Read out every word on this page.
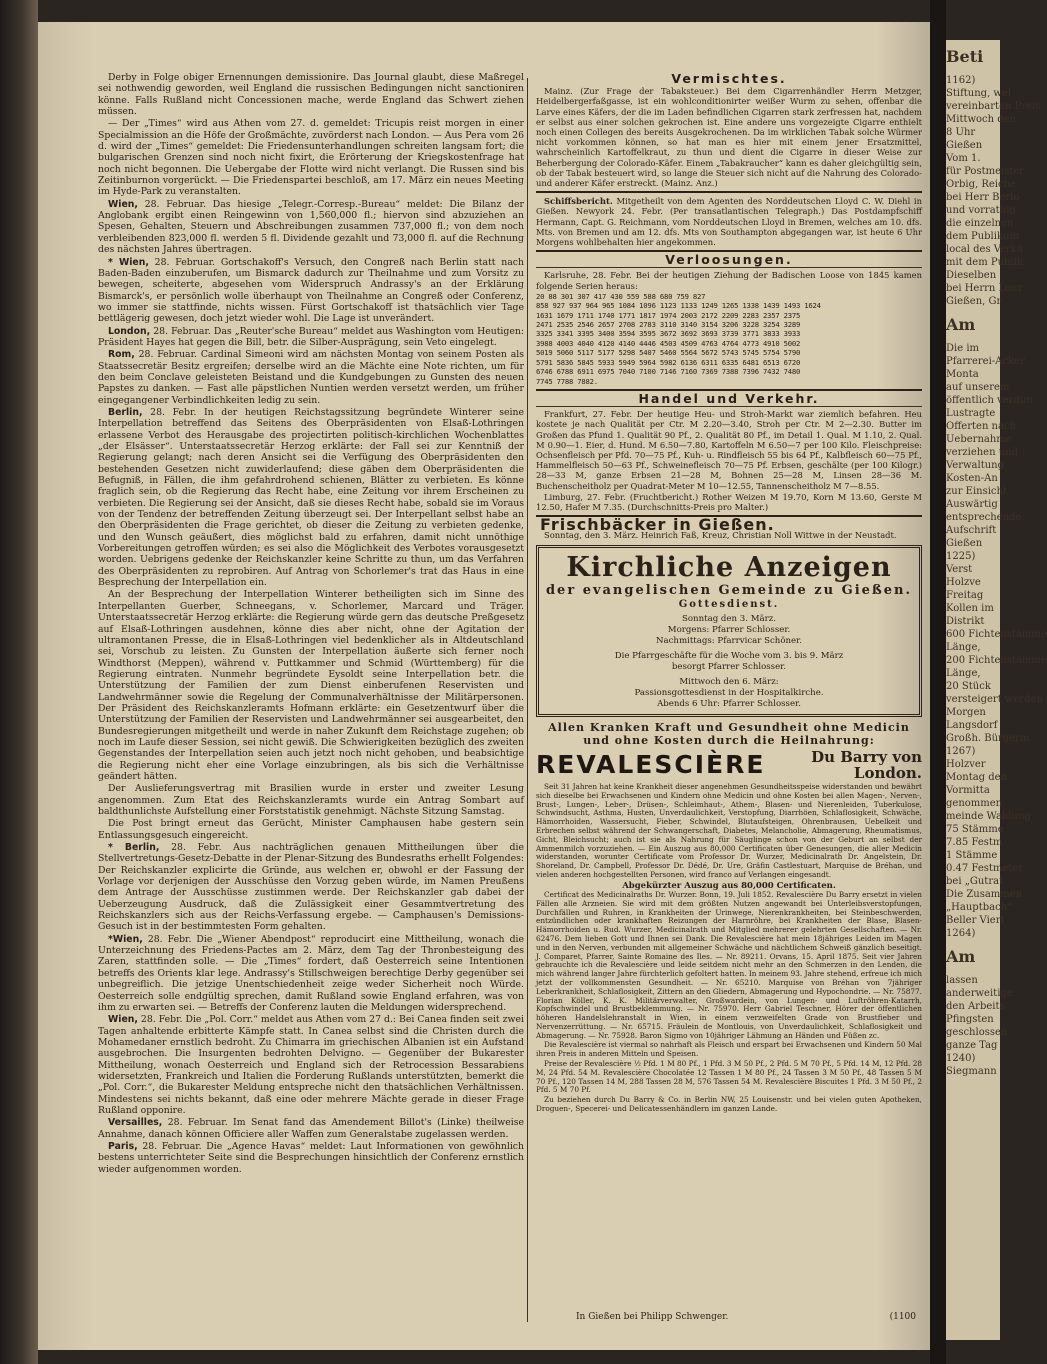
Derby in Folge obiger Ernennungen demissionire. Das Journal glaubt, diese Maßregel sei nothwendig geworden, weil England die russischen Bedingungen nicht sanctioniren könne. Falls Rußland nicht Concessionen mache, werde England das Schwert ziehen müssen.

— Der „Times“ wird aus Athen vom 27. d. gemeldet: Tricupis reist morgen in einer Specialmission an die Höfe der Großmächte, zuvörderst nach London. — Aus Pera vom 26 d. wird der „Times“ gemeldet: Die Friedensunterhandlungen schreiten langsam fort; die bulgarischen Grenzen sind noch nicht fixirt, die Erörterung der Kriegskostenfrage hat noch nicht begonnen. Die Uebergabe der Flotte wird nicht verlangt. Die Russen sind bis Zeitinburnon vorgerückt. — Die Friedenspartei beschloß, am 17. März ein neues Meeting im Hyde-Park zu veranstalten.

Wien, 28. Februar. Das hiesige „Telegr.-Corresp.-Bureau“ meldet: Die Bilanz der Anglobank ergibt einen Reingewinn von 1,560,000 fl.; hiervon sind abzuziehen an Spesen, Gehalten, Steuern und Abschreibungen zusammen 737,000 fl.; von dem noch verbleibenden 823,000 fl. werden 5 fl. Dividende gezahlt und 73,000 fl. auf die Rechnung des nächsten Jahres übertragen.

* Wien, 28. Februar. Gortschakoff's Versuch, den Congreß nach Berlin statt nach Baden-Baden einzuberufen, um Bismarck dadurch zur Theilnahme und zum Vorsitz zu bewegen, scheiterte, abgesehen vom Widerspruch Andrassy's an der Erklärung Bismarck's, er persönlich wolle überhaupt von Theilnahme an Congreß oder Conferenz, wo immer sie stattfinde, nichts wissen. Fürst Gortschakoff ist thatsächlich vier Tage bettlägerig gewesen, doch jetzt wieder wohl. Die Lage ist unverändert.

London, 28. Februar. Das „Reuter'sche Bureau“ meldet aus Washington vom Heutigen: Präsident Hayes hat gegen die Bill, betr. die Silber-Ausprägung, sein Veto eingelegt.

Rom, 28. Februar. Cardinal Simeoni wird am nächsten Montag von seinem Posten als Staatssecretär Besitz ergreifen; derselbe wird an die Mächte eine Note richten, um für den beim Conclave geleisteten Beistand und die Kundgebungen zu Gunsten des neuen Papstes zu danken. — Fast alle päpstlichen Nuntien werden versetzt werden, um früher eingegangener Verbindlichkeiten ledig zu sein.

Berlin, 28. Febr. In der heutigen Reichstagssitzung begründete Winterer seine Interpellation betreffend das Seitens des Oberpräsidenten von Elsaß-Lothringen erlassene Verbot des Herausgabe des projectirten politisch-kirchlichen Wochenblattes „der Elsässer“. Unterstaatssecretär Herzog erklärte: der Fall sei zur Kenntniß der Regierung gelangt; nach deren Ansicht sei die Verfügung des Oberpräsidenten den bestehenden Gesetzen nicht zuwiderlaufend; diese gäben dem Oberpräsidenten die Befugniß, in Fällen, die ihm gefahrdrohend schienen, Blätter zu verbieten. Es könne fraglich sein, ob die Regierung das Recht habe, eine Zeitung vor ihrem Erscheinen zu verbieten. Die Regierung sei der Ansicht, daß sie dieses Recht habe, sobald sie im Voraus von der Tendenz der betreffenden Zeitung überzeugt sei. Der Interpellant selbst habe an den Oberpräsidenten die Frage gerichtet, ob dieser die Zeitung zu verbieten gedenke, und den Wunsch geäußert, dies möglichst bald zu erfahren, damit nicht unnöthige Vorbereitungen getroffen würden; es sei also die Möglichkeit des Verbotes vorausgesetzt worden. Uebrigens gedenke der Reichskanzler keine Schritte zu thun, um das Verfahren des Oberpräsidenten zu reprobiren. Auf Antrag von Schorlemer's trat das Haus in eine Besprechung der Interpellation ein.

An der Besprechung der Interpellation Winterer betheiligten sich im Sinne des Interpellanten Guerber, Schneegans, v. Schorlemer, Marcard und Träger. Unterstaatssecretär Herzog erklärte: die Regierung würde gern das deutsche Preßgesetz auf Elsaß-Lothringen ausdehnen, könne dies aber nicht, ohne der Agitation der ultramontanen Presse, die in Elsaß-Lothringen viel bedenklicher als in Altdeutschland sei, Vorschub zu leisten. Zu Gunsten der Interpellation äußerte sich ferner noch Windthorst (Meppen), während v. Puttkammer und Schmid (Württemberg) für die Regierung eintraten. Nunmehr begründete Eysoldt seine Interpellation betr. die Unterstützung der Familien der zum Dienst einberufenen Reservisten und Landwehrmänner sowie die Regelung der Communalverhältnisse der Militärpersonen. Der Präsident des Reichskanzleramts Hofmann erklärte: ein Gesetzentwurf über die Unterstützung der Familien der Reservisten und Landwehrmänner sei ausgearbeitet, den Bundesregierungen mitgetheilt und werde in naher Zukunft dem Reichstage zugehen; ob noch im Laufe dieser Session, sei nicht gewiß. Die Schwierigkeiten bezüglich des zweiten Gegenstandes der Interpellation seien auch jetzt noch nicht gehoben, und beabsichtige die Regierung nicht eher eine Vorlage einzubringen, als bis sich die Verhältnisse geändert hätten.

Der Auslieferungsvertrag mit Brasilien wurde in erster und zweiter Lesung angenommen. Zum Etat des Reichskanzleramts wurde ein Antrag Sombart auf baldthunlichste Aufstellung einer Forststatistik genehmigt. Nächste Sitzung Samstag.

Die Post bringt erneut das Gerücht, Minister Camphausen habe gestern sein Entlassungsgesuch eingereicht.

* Berlin, 28. Febr. Aus nachträglichen genauen Mittheilungen über die Stellvertretungs-Gesetz-Debatte in der Plenar-Sitzung des Bundesraths erhellt Folgendes: Der Reichskanzler explicirte die Gründe, aus welchen er, obwohl er der Fassung der Vorlage vor derjenigen der Ausschüsse den Vorzug geben würde, im Namen Preußens dem Antrage der Ausschüsse zustimmen werde. Der Reichskanzler gab dabei der Ueberzeugung Ausdruck, daß die Zulässigkeit einer Gesammtvertretung des Reichskanzlers sich aus der Reichs-Verfassung ergebe. — Camphausen's Demissions-Gesuch ist in der bestimmtesten Form gehalten.

*Wien, 28. Febr. Die „Wiener Abendpost“ reproducirt eine Mittheilung, wonach die Unterzeichnung des Friedens-Pactes am 2. März, dem Tag der Thronbesteigung des Zaren, stattfinden solle. — Die „Times“ fordert, daß Oesterreich seine Intentionen betreffs des Orients klar lege. Andrassy's Stillschweigen berechtige Derby gegenüber sei unbegreiflich. Die jetzige Unentschiedenheit zeige weder Sicherheit noch Würde. Oesterreich solle endgültig sprechen, damit Rußland sowie England erfahren, was von ihm zu erwarten sei. — Betreffs der Conferenz lauten die Meldungen widersprechend.

Wien, 28. Febr. Die „Pol. Corr.“ meldet aus Athen vom 27 d.: Bei Canea finden seit zwei Tagen anhaltende erbitterte Kämpfe statt. In Canea selbst sind die Christen durch die Mohamedaner ernstlich bedroht. Zu Chimarra im griechischen Albanien ist ein Aufstand ausgebrochen. Die Insurgenten bedrohten Delvigno. — Gegenüber der Bukarester Mittheilung, wonach Oesterreich und England sich der Retrocession Bessarabiens widersetzten, Frankreich und Italien die Forderung Rußlands unterstützten, bemerkt die „Pol. Corr.“, die Bukarester Meldung entspreche nicht den thatsächlichen Verhältnissen. Mindestens sei nichts bekannt, daß eine oder mehrere Mächte gerade in dieser Frage Rußland opponire.

Versailles, 28. Februar. Im Senat fand das Amendement Billot's (Linke) theilweise Annahme, danach können Officiere aller Waffen zum Generalstabe zugelassen werden.

Paris, 28. Februar. Die „Agence Havas“ meldet: Laut Informationen von gewöhnlich bestens unterrichteter Seite sind die Besprechungen hinsichtlich der Conferenz ernstlich wieder aufgenommen worden.

Vermischtes.

Mainz. (Zur Frage der Tabaksteuer.) Bei dem Cigarrenhändler Herrn Metzger, Heidelbergerfaßgasse, ist ein wohlconditionirter weißer Wurm zu sehen, offenbar die Larve eines Käfers, der die im Laden befindlichen Cigarren stark zerfressen hat, nachdem er selbst aus einer solchen gekrochen ist. Eine andere uns vorgezeigte Cigarre enthielt noch einen Collegen des bereits Ausgekrochenen. Da im wirklichen Tabak solche Würmer nicht vorkommen können, so hat man es hier mit einem jener Ersatzmittel, wahrscheinlich Kartoffelkraut, zu thun und dient die Cigarre in dieser Weise zur Beherbergung der Colorado-Käfer. Einem „Tabakraucher“ kann es daher gleichgültig sein, ob der Tabak besteuert wird, so lange die Steuer sich nicht auf die Nahrung des Colorado- und anderer Käfer erstreckt. (Mainz. Anz.)

Schiffsbericht. Mitgetheilt von dem Agenten des Norddeutschen Lloyd C. W. Diehl in Gießen. Newyork 24. Febr. (Per transatlantischen Telegraph.) Das Postdampfschiff Hermann, Capt. G. Reichmann, vom Norddeutschen Lloyd in Bremen, welches am 10. dfs. Mts. von Bremen und am 12. dfs. Mts von Southampton abgegangen war, ist heute 6 Uhr Morgens wohlbehalten hier angekommen.

Verloosungen.

Karlsruhe, 28. Febr. Bei der heutigen Ziehung der Badischen Loose von 1845 kamen folgende Serien heraus:

20 88 301 307 417 430 559 588 680 759 827
858 927 937 964 965 1084 1096 1123 1133 1249 1265 1338 1439 1493 1624
1631 1679 1711 1740 1771 1817 1974 2003 2172 2209 2283 2357 2375
2471 2535 2546 2657 2708 2783 3110 3140 3154 3206 3228 3254 3289
3325 3341 3395 3400 3594 3595 3672 3692 3693 3739 3771 3833 3933
3988 4003 4040 4120 4140 4446 4503 4509 4763 4764 4773 4910 5002
5019 5060 5117 5177 5298 5407 5460 5564 5672 5743 5745 5754 5790
5791 5836 5845 5933 5949 5964 5982 6136 6311 6335 6481 6513 6720
6746 6788 6911 6975 7040 7100 7146 7160 7369 7388 7396 7432 7480
7745 7788 7882.
Handel und Verkehr.

Frankfurt, 27. Febr. Der heutige Heu- und Stroh-Markt war ziemlich befahren. Heu kostete je nach Qualität per Ctr. M 2.20—3.40, Stroh per Ctr. M 2—2.30. Butter im Großen das Pfund 1. Qualität 90 Pf., 2. Qualität 80 Pf., im Detail 1. Qual. M 1.10, 2. Qual. M 0.90—1. Eier, d. Hund. M 6.50—7.80, Kartoffeln M 6.50—7 per 100 Kilo. Fleischpreise: Ochsenfleisch per Pfd. 70—75 Pf., Kuh- u. Rindfleisch 55 bis 64 Pf., Kalbfleisch 60—75 Pf., Hammelfleisch 50—63 Pf., Schweinefleisch 70—75 Pf. Erbsen, geschälte (per 100 Kilogr.) 28—33 M, ganze Erbsen 21—28 M, Bohnen 25—28 M, Linsen 28—36 M. Buchenscheitholz per Quadrat-Meter M 10—12.55, Tannenscheitholz M 7—8.55.

Limburg, 27. Febr. (Fruchtbericht.) Rother Weizen M 19.70, Korn M 13.60, Gerste M 12.50, Hafer M 7.35. (Durchschnitts-Preis pro Malter.)

Frischbäcker in Gießen.

Sonntag, den 3. März. Heinrich Faß, Kreuz, Christian Noll Wittwe in der Neustadt.

Kirchliche Anzeigen
der evangelischen Gemeinde zu Gießen.
Gottesdienst.
Sonntag den 3. März.
Morgens: Pfarrer Schlosser.
Nachmittags: Pfarrvicar Schöner.
Die Pfarrgeschäfte für die Woche vom 3. bis 9. März
besorgt Pfarrer Schlosser.
Mittwoch den 6. März:
Passionsgottesdienst in der Hospitalkirche.
Abends 6 Uhr: Pfarrer Schlosser.
Allen Kranken Kraft und Gesundheit ohne Medicin und ohne Kosten durch die Heilnahrung:
REVALESCIÈRE	Du Barry von London.

Seit 31 Jahren hat keine Krankheit dieser angenehmen Gesundheitsspeise widerstanden und bewährt sich dieselbe bei Erwachsenen und Kindern ohne Medicin und ohne Kosten bei allen Magen-, Nerven-, Brust-, Lungen-, Leber-, Drüsen-, Schleimhaut-, Athem-, Blasen- und Nierenleiden, Tuberkulose, Schwindsucht, Asthma, Husten, Unverdaulichkeit, Verstopfung, Diarrhöen, Schlaflosigkeit, Schwäche, Hämorrhoiden, Wassersucht, Fieber, Schwindel, Blutaufsteigen, Ohrenbrausen, Uebelkeit und Erbrechen selbst während der Schwangerschaft, Diabetes, Melancholie, Abmagerung, Rheumatismus, Gicht, Bleichsucht; auch ist sie als Nahrung für Säuglinge schon von der Geburt an selbst der Ammenmilch vorzuziehen. — Ein Auszug aus 80,000 Certificaten über Genesungen, die aller Medicin widerstanden, worunter Certificate vom Professor Dr. Wurzer, Medicinalrath Dr. Angelstein, Dr. Shoreland, Dr. Campbell, Professor Dr. Dédé, Dr. Ure, Gräfin Castlestuart, Marquise de Bréhan, und vielen anderen hochgestellten Personen, wird franco auf Verlangen eingesandt.

Abgekürzter Auszug aus 80,000 Certificaten.

Certificat des Medicinalraths Dr. Wurzer. Bonn, 19. Juli 1852. Revalescière Du Barry ersetzt in vielen Fällen alle Arzneien. Sie wird mit dem größten Nutzen angewandt bei Unterleibsverstopfungen, Durchfällen und Ruhren, in Krankheiten der Urinwege, Nierenkrankheiten, bei Steinbeschwerden, entzündlichen oder krankhaften Reizungen der Harnröhre, bei Krankheiten der Blase, Blasen-Hämorrhoiden u. Rud. Wurzer, Medicinalrath und Mitglied mehrerer gelehrten Gesellschaften. — Nr. 62476. Dem lieben Gott und Ihnen sei Dank. Die Revalescière hat mein 18jähriges Leiden im Magen und in den Nerven, verbunden mit allgemeiner Schwäche und nächtlichem Schweiß gänzlich beseitigt. J. Comparet, Pfarrer, Sainte Romaine des Iles. — Nr. 89211. Orvans, 15. April 1875. Seit vier Jahren gebrauchte ich die Revalescière und leide seitdem nicht mehr an den Schmerzen in den Lenden, die mich während langer Jahre fürchterlich gefoltert hatten. In meinem 93. Jahre stehend, erfreue ich mich jetzt der vollkommensten Gesundheit. — Nr. 65210. Marquise von Bréhan von 7jähriger Leberkrankheit, Schlaflosigkeit, Zittern an den Gliedern, Abmagerung und Hypochondrie. — Nr. 75877. Florian Köller, K. K. Militärverwalter, Großwardein, von Lungen- und Luftröhren-Katarrh, Kopfschwindel und Brustbeklemmung. — Nr. 75970. Herr Gabriel Teschner, Hörer der öffentlichen höheren Handelslehranstalt in Wien, in einem verzweifelten Grade von Brustfieber und Nervenzerrüttung. — Nr. 65715. Fräulein de Montlouis, von Unverdaulichkeit, Schlaflosigkeit und Abmagerung. — Nr. 75928. Baron Sigmo von 10jähriger Lähmung an Händen und Füßen zc.

Die Revalescière ist viermal so nahrhaft als Fleisch und erspart bei Erwachsenen und Kindern 50 Mal ihren Preis in anderen Mitteln und Speisen.

Preise der Revalescière ½ Pfd. 1 M 80 Pf., 1 Pfd. 3 M 50 Pf., 2 Pfd. 5 M 70 Pf., 5 Pfd. 14 M, 12 Pfd. 28 M, 24 Pfd. 54 M. Revalescière Chocolatée 12 Tassen 1 M 80 Pf., 24 Tassen 3 M 50 Pf., 48 Tassen 5 M 70 Pf., 120 Tassen 14 M, 288 Tassen 28 M, 576 Tassen 54 M. Revalescière Biscuites 1 Pfd. 3 M 50 Pf., 2 Pfd. 5 M 70 Pf.

Zu beziehen durch Du Barry & Co. in Berlin NW, 25 Louisenstr. und bei vielen guten Apotheken, Droguen-, Specerei- und Delicatessenhändlern im ganzen Lande.

In Gießen bei Philipp Schwenger.	(1100
Beti
1162)
Stiftung, wel
vereinbarten Preis
Mittwoch den
8 Uhr
Gießen
Vom 1.
für Postmeister
Orbig, Reiche
bei Herr Berlo
und vorrathig
die einzelnen
dem Publikum
local des Verka
mit dem Publik
Dieselben
bei Herrn Lour
Gießen, Gr
Am
Die im
Pfarrerei-Acker
Monta
auf unserem
öffentlich verdun
Lustragte
Offerten nach
Uebernahme
verziehen und
Verwaltung
Kosten-An
zur Einsicht
Auswärtig
entsprechende
Aufschrift
Gießen
1225)
Verst
Holzve
Freitag
Kollen im
Distrikt
600 Fichtenstämme
Länge,
200 Fichtenstämme
Länge,
20 Stück
versteigert werden
Morgen
Langsdorf
Großh. Bürgerm
1267)
Holzver
Montag den
Vormitta
genommen
meinde Waldung
75 Stämme
7.85 Festm
1 Stämme
0.47 Festmeter
bei „Gutrat
Die Zusammen
„Hauptbach“
Beller Viert
1264)
Am
lassen
anderweitige
den Arbeits
Pfingsten
geschlossen
ganze Tag
1240)
Siegmann
